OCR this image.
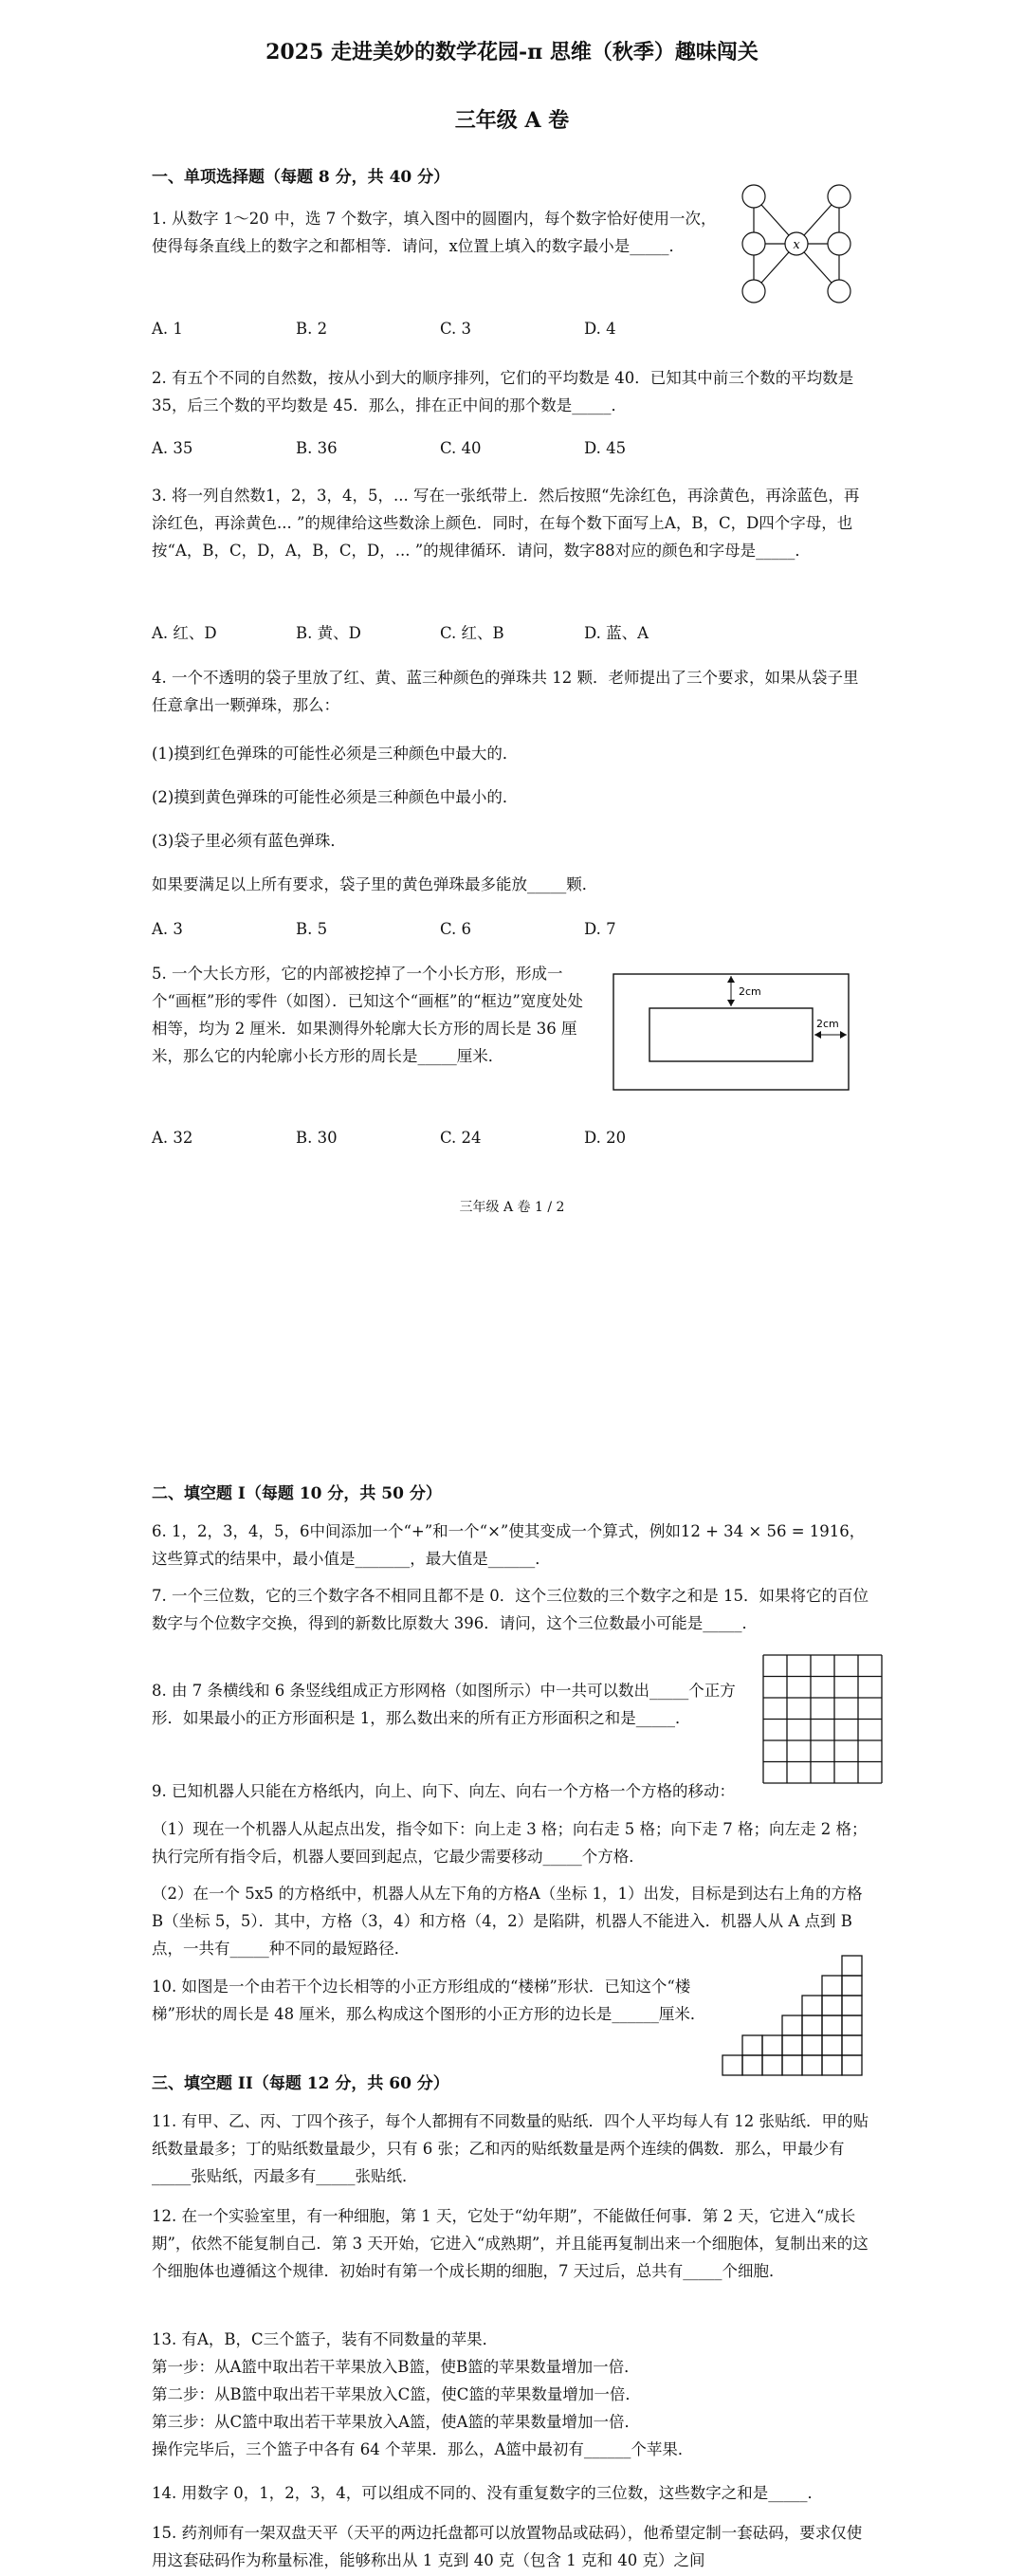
2025 走进美妙的数学花园-π 思维（秋季）趣味闯关
三年级 A 卷
一、单项选择题（每题 8 分，共 40 分）
1. 从数字 1～20 中，选 7 个数字，填入图中的圆圈内，每个数字恰好使用一次，使得每条直线上的数字之和都相等．请问，x位置上填入的数字最小是_____．	x
A. 1	B. 2	C. 3	D. 4
2. 有五个不同的自然数，按从小到大的顺序排列，它们的平均数是 40．已知其中前三个数的平均数是 35，后三个数的平均数是 45．那么，排在正中间的那个数是_____．
A. 35	B. 36	C. 40	D. 45
3. 将一列自然数1，2，3，4，5，... 写在一张纸带上．然后按照“先涂红色，再涂黄色，再涂蓝色，再涂红色，再涂黄色... ”的规律给这些数涂上颜色．同时，在每个数下面写上A，B，C，D四个字母，也按“A，B，C，D，A，B，C，D，... ”的规律循环．请问，数字88对应的颜色和字母是_____．
A. 红、D	B. 黄、D	C. 红、B	D. 蓝、A
4. 一个不透明的袋子里放了红、黄、蓝三种颜色的弹珠共 12 颗．老师提出了三个要求，如果从袋子里任意拿出一颗弹珠，那么：
(1)摸到红色弹珠的可能性必须是三种颜色中最大的．
(2)摸到黄色弹珠的可能性必须是三种颜色中最小的．
(3)袋子里必须有蓝色弹珠．
如果要满足以上所有要求，袋子里的黄色弹珠最多能放_____颗．
A. 3	B. 5	C. 6	D. 7
5. 一个大长方形，它的内部被挖掉了一个小长方形，形成一个“画框”形的零件（如图）．已知这个“画框”的“框边”宽度处处相等，均为 2 厘米．如果测得外轮廓大长方形的周长是 36 厘米，那么它的内轮廓小长方形的周长是_____厘米．
2cm
2cm
A. 32	B. 30	C. 24	D. 20
三年级 A 卷 1 / 2
二、填空题 I（每题 10 分，共 50 分）
6. 1，2，3，4，5，6中间添加一个“+”和一个“×”使其变成一个算式，例如12 + 34 × 56 = 1916，这些算式的结果中，最小值是_______，最大值是______．
7. 一个三位数，它的三个数字各不相同且都不是 0．这个三位数的三个数字之和是 15．如果将它的百位数字与个位数字交换，得到的新数比原数大 396．请问，这个三位数最小可能是_____．
8. 由 7 条横线和 6 条竖线组成正方形网格（如图所示）中一共可以数出_____个正方形．如果最小的正方形面积是 1，那么数出来的所有正方形面积之和是_____．
9. 已知机器人只能在方格纸内，向上、向下、向左、向右一个方格一个方格的移动：
（1）现在一个机器人从起点出发，指令如下：向上走 3 格；向右走 5 格；向下走 7 格；向左走 2 格；执行完所有指令后，机器人要回到起点，它最少需要移动_____个方格．
（2）在一个 5x5 的方格纸中，机器人从左下角的方格A（坐标 1，1）出发，目标是到达右上角的方格B（坐标 5，5）．其中，方格（3，4）和方格（4，2）是陷阱，机器人不能进入．机器人从 A 点到 B 点，一共有_____种不同的最短路径．
10. 如图是一个由若干个边长相等的小正方形组成的“楼梯”形状．已知这个“楼梯”形状的周长是 48 厘米，那么构成这个图形的小正方形的边长是______厘米．
三、填空题 II（每题 12 分，共 60 分）
11. 有甲、乙、丙、丁四个孩子，每个人都拥有不同数量的贴纸．四个人平均每人有 12 张贴纸．甲的贴纸数量最多；丁的贴纸数量最少，只有 6 张；乙和丙的贴纸数量是两个连续的偶数．那么，甲最少有_____张贴纸，丙最多有_____张贴纸．
12. 在一个实验室里，有一种细胞，第 1 天，它处于“幼年期”，不能做任何事．第 2 天，它进入“成长期”，依然不能复制自己．第 3 天开始，它进入“成熟期”，并且能再复制出来一个细胞体，复制出来的这个细胞体也遵循这个规律．初始时有第一个成长期的细胞，7 天过后，总共有_____个细胞．
13. 有A，B，C三个篮子，装有不同数量的苹果．
第一步：从A篮中取出若干苹果放入B篮，使B篮的苹果数量增加一倍．
第二步：从B篮中取出若干苹果放入C篮，使C篮的苹果数量增加一倍．
第三步：从C篮中取出若干苹果放入A篮，使A篮的苹果数量增加一倍．
操作完毕后，三个篮子中各有 64 个苹果．那么，A篮中最初有______个苹果．
14. 用数字 0，1，2，3，4，可以组成不同的、没有重复数字的三位数，这些数字之和是_____．
15. 药剂师有一架双盘天平（天平的两边托盘都可以放置物品或砝码），他希望定制一套砝码，要求仅使用这套砝码作为称量标准，能够称出从 1 克到 40 克（包含 1 克和 40 克）之间
